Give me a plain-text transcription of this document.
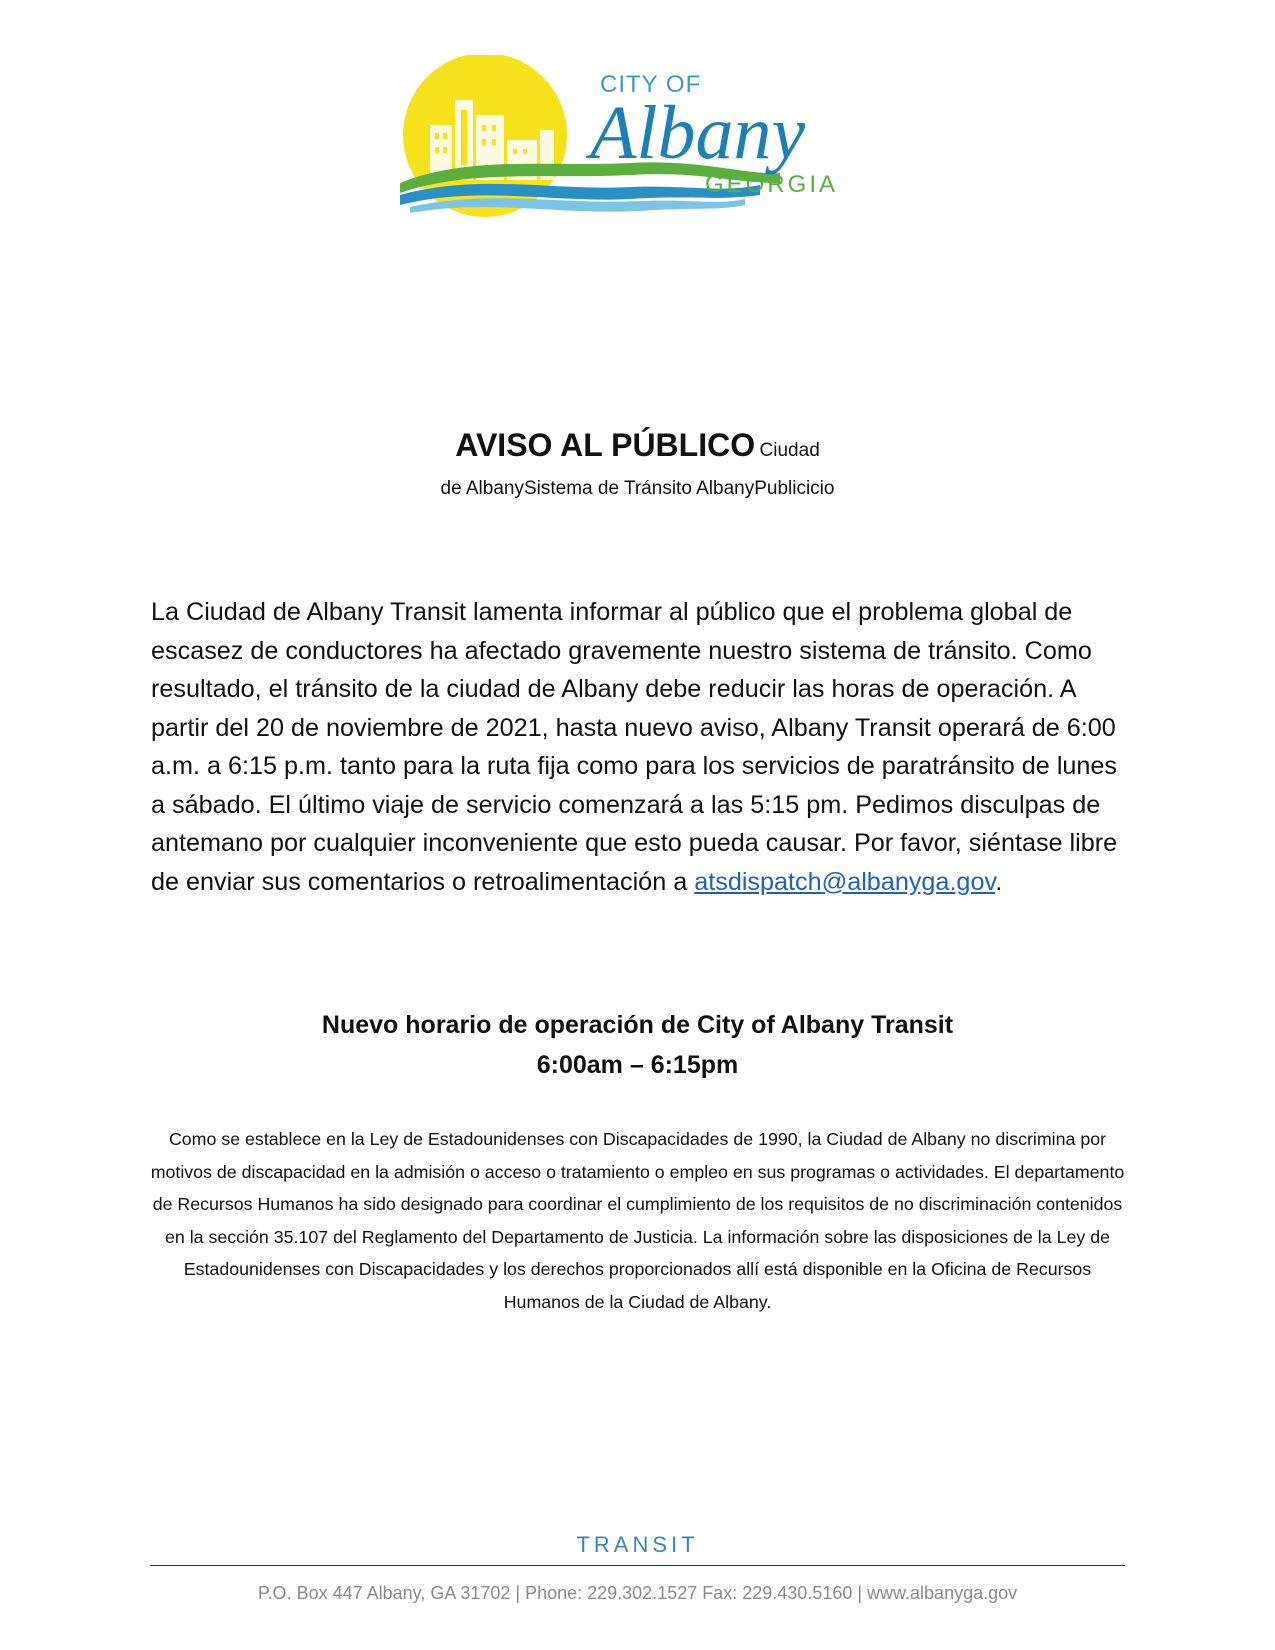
CITY OF
Albany
GEORGIA
AVISO AL PÚBLICO Ciudad
de AlbanySistema de Tránsito AlbanyPublicicio

La Ciudad de Albany Transit lamenta informar al público que el problema global de escasez de conductores ha afectado gravemente nuestro sistema de tránsito. Como resultado, el tránsito de la ciudad de Albany debe reducir las horas de operación. A partir del 20 de noviembre de 2021, hasta nuevo aviso, Albany Transit operará de 6:00 a.m. a 6:15 p.m. tanto para la ruta fija como para los servicios de paratránsito de lunes a sábado. El último viaje de servicio comenzará a las 5:15 pm. Pedimos disculpas de antemano por cualquier inconveniente que esto pueda causar. Por favor, siéntase libre de enviar sus comentarios o retroalimentación a atsdispatch@albanyga.gov.

Nuevo horario de operación de City of Albany Transit
6:00am – 6:15pm

Como se establece en la Ley de Estadounidenses con Discapacidades de 1990, la Ciudad de Albany no discrimina por motivos de discapacidad en la admisión o acceso o tratamiento o empleo en sus programas o actividades. El departamento de Recursos Humanos ha sido designado para coordinar el cumplimiento de los requisitos de no discriminación contenidos en la sección 35.107 del Reglamento del Departamento de Justicia. La información sobre las disposiciones de la Ley de Estadounidenses con Discapacidades y los derechos proporcionados allí está disponible en la Oficina de Recursos Humanos de la Ciudad de Albany.

TRANSIT
P.O. Box 447 Albany, GA 31702 | Phone: 229.302.1527 Fax: 229.430.5160 | www.albanyga.gov
